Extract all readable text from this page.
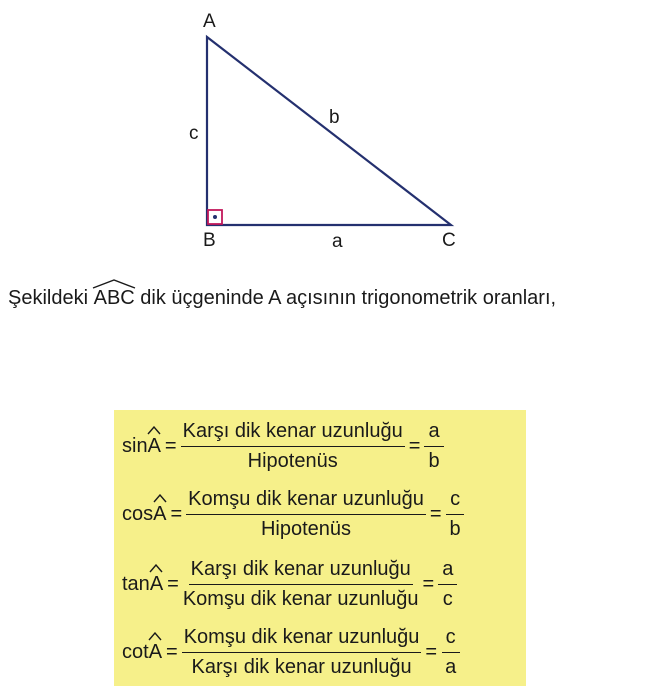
A
B	C
c
b
a
Şekildeki
ABC dik üçgeninde A açısının trigonometrik oranları,
sin
$A = \frac{\text{Karşı dik kenar uzunluğu}}{\text{Hipotenüs}} = \frac{a}{b}$
cos
$A = \frac{\text{Komşu dik kenar uzunluğu}}{\text{Hipotenüs}} = \frac{c}{b}$
tan
$A = \frac{\text{Karşı dik kenar uzunluğu}}{\text{Komşu dik kenar uzunluğu}} = \frac{a}{c}$
cot
$A = \frac{\text{Komşu dik kenar uzunluğu}}{\text{Karşı dik kenar uzunluğu}} = \frac{c}{a}$
